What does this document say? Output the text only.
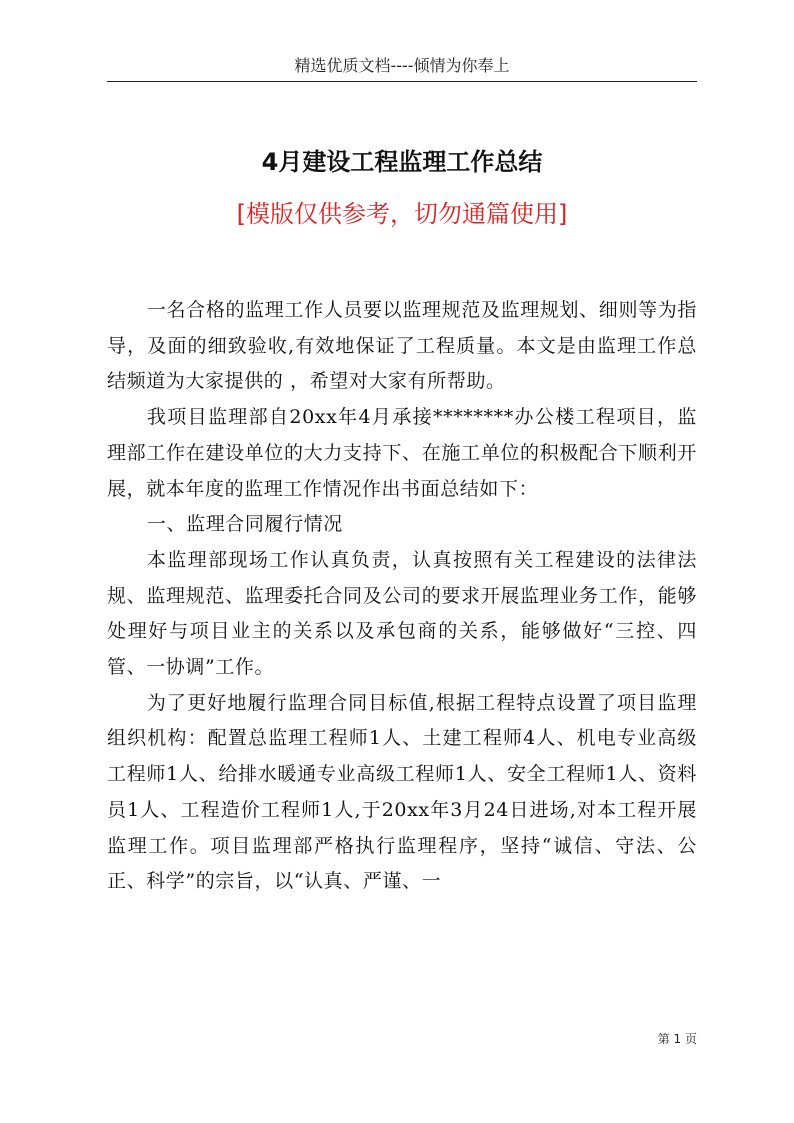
精选优质文档----倾情为你奉上
4月建设工程监理工作总结
[模版仅供参考，切勿通篇使用]

一名合格的监理工作人员要以监理规范及监理规划、细则等为指导，及面的细致验收,有效地保证了工程质量。本文是由监理工作总结频道为大家提供的 ，希望对大家有所帮助。

我项目监理部自20xx年4月承接********办公楼工程项目，监理部工作在建设单位的大力支持下、在施工单位的积极配合下顺利开展，就本年度的监理工作情况作出书面总结如下：

一、监理合同履行情况

本监理部现场工作认真负责，认真按照有关工程建设的法律法规、监理规范、监理委托合同及公司的要求开展监理业务工作，能够处理好与项目业主的关系以及承包商的关系，能够做好“三控、四管、一协调”工作。

为了更好地履行监理合同目标值,根据工程特点设置了项目监理组织机构：配置总监理工程师1人、土建工程师4人、机电专业高级工程师1人、给排水暖通专业高级工程师1人、安全工程师1人、资料员1人、工程造价工程师1人,于20xx年3月24日进场,对本工程开展监理工作。项目监理部严格执行监理程序，坚持“诚信、守法、公正、科学”的宗旨，以“认真、严谨、一

第 1 页
